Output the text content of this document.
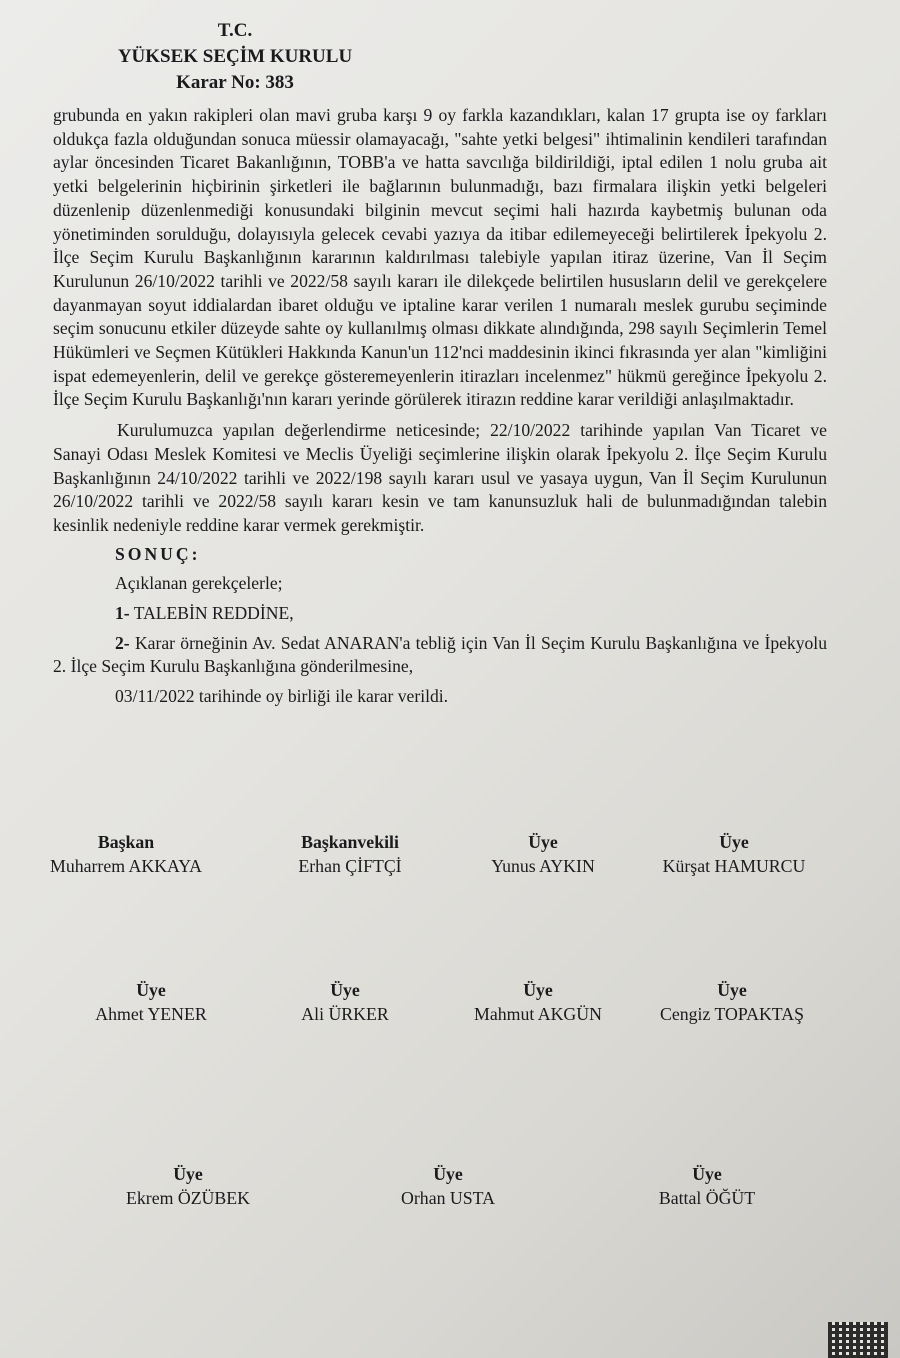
T.C.
YÜKSEK SEÇİM KURULU
Karar No: 383

grubunda en yakın rakipleri olan mavi gruba karşı 9 oy farkla kazandıkları, kalan 17 grupta ise oy farkları oldukça fazla olduğundan sonuca müessir olamayacağı, "sahte yetki belgesi" ihtimalinin kendileri tarafından aylar öncesinden Ticaret Bakanlığının, TOBB'a ve hatta savcılığa bildirildiği, iptal edilen 1 nolu gruba ait yetki belgelerinin hiçbirinin şirketleri ile bağlarının bulunmadığı, bazı firmalara ilişkin yetki belgeleri düzenlenip düzenlenmediği konusundaki bilginin mevcut seçimi hali hazırda kaybetmiş bulunan oda yönetiminden sorulduğu, dolayısıyla gelecek cevabi yazıya da itibar edilemeyeceği belirtilerek İpekyolu 2. İlçe Seçim Kurulu Başkanlığının kararının kaldırılması talebiyle yapılan itiraz üzerine, Van İl Seçim Kurulunun 26/10/2022 tarihli ve 2022/58 sayılı kararı ile dilekçede belirtilen hususların delil ve gerekçelere dayanmayan soyut iddialardan ibaret olduğu ve iptaline karar verilen 1 numaralı meslek gurubu seçiminde seçim sonucunu etkiler düzeyde sahte oy kullanılmış olması dikkate alındığında, 298 sayılı Seçimlerin Temel Hükümleri ve Seçmen Kütükleri Hakkında Kanun'un 112'nci maddesinin ikinci fıkrasında yer alan "kimliğini ispat edemeyenlerin, delil ve gerekçe gösteremeyenlerin itirazları incelenmez" hükmü gereğince İpekyolu 2. İlçe Seçim Kurulu Başkanlığı'nın kararı yerinde görülerek itirazın reddine karar verildiği anlaşılmaktadır.

Kurulumuzca yapılan değerlendirme neticesinde; 22/10/2022 tarihinde yapılan Van Ticaret ve Sanayi Odası Meslek Komitesi ve Meclis Üyeliği seçimlerine ilişkin olarak İpekyolu 2. İlçe Seçim Kurulu Başkanlığının 24/10/2022 tarihli ve 2022/198 sayılı kararı usul ve yasaya uygun, Van İl Seçim Kurulunun 26/10/2022 tarihli ve 2022/58 sayılı kararı kesin ve tam kanunsuzluk hali de bulunmadığından talebin kesinlik nedeniyle reddine karar vermek gerekmiştir.

SONUÇ:

Açıklanan gerekçelerle;

1- TALEBİN REDDİNE,

2- Karar örneğinin Av. Sedat ANARAN'a tebliğ için Van İl Seçim Kurulu Başkanlığına ve İpekyolu 2. İlçe Seçim Kurulu Başkanlığına gönderilmesine,

03/11/2022 tarihinde oy birliği ile karar verildi.

Başkan
Muharrem AKKAYA
Başkanvekili
Erhan ÇİFTÇİ
Üye
Yunus AYKIN
Üye
Kürşat HAMURCU
Üye
Ahmet YENER
Üye
Ali ÜRKER
Üye
Mahmut AKGÜN
Üye
Cengiz TOPAKTAŞ
Üye
Ekrem ÖZÜBEK
Üye
Orhan USTA
Üye
Battal ÖĞÜT
